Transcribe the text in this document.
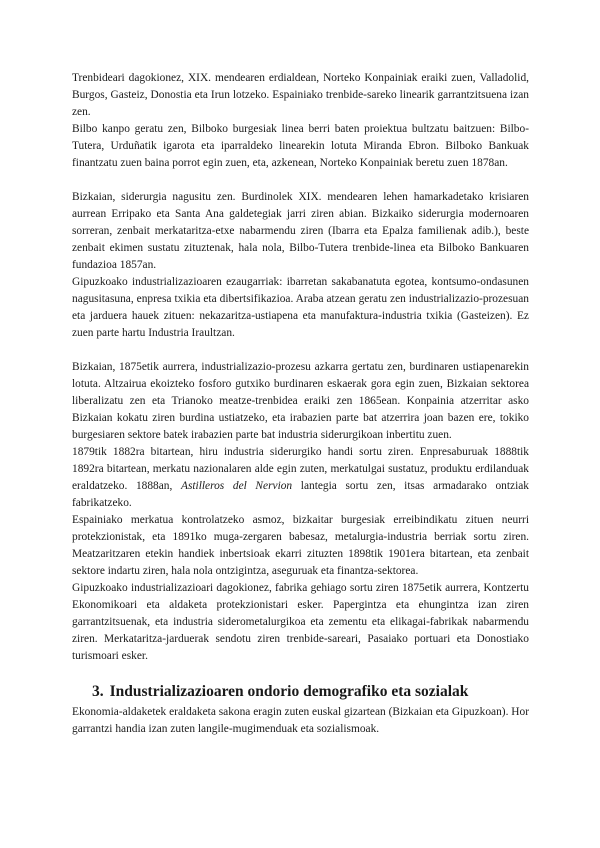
Trenbideari dagokionez, XIX. mendearen erdialdean, Norteko Konpainiak eraiki zuen, Valladolid, Burgos, Gasteiz, Donostia eta Irun lotzeko. Espainiako trenbide-sareko linearik garrantzitsuena izan zen.

Bilbo kanpo geratu zen, Bilboko burgesiak linea berri baten proiektua bultzatu baitzuen: Bilbo-Tutera, Urduñatik igarota eta iparraldeko linearekin lotuta Miranda Ebron. Bilboko Bankuak finantzatu zuen baina porrot egin zuen, eta, azkenean, Norteko Konpainiak beretu zuen 1878an.

Bizkaian, siderurgia nagusitu zen. Burdinolek XIX. mendearen lehen hamarkadetako krisiaren aurrean Erripako eta Santa Ana galdetegiak jarri ziren abian. Bizkaiko siderurgia modernoaren sorreran, zenbait merkataritza-etxe nabarmendu ziren (Ibarra eta Epalza familienak adib.), beste zenbait ekimen sustatu zituztenak, hala nola, Bilbo-Tutera trenbide-linea eta Bilboko Bankuaren fundazioa 1857an.

Gipuzkoako industrializazioaren ezaugarriak: ibarretan sakabanatuta egotea, kontsumo-ondasunen nagusitasuna, enpresa txikia eta dibertsifikazioa. Araba atzean geratu zen industrializazio-prozesuan eta jarduera hauek zituen: nekazaritza-ustiapena eta manufaktura-industria txikia (Gasteizen). Ez zuen parte hartu Industria Iraultzan.

Bizkaian, 1875etik aurrera, industrializazio-prozesu azkarra gertatu zen, burdinaren ustiapenarekin lotuta. Altzairua ekoizteko fosforo gutxiko burdinaren eskaerak gora egin zuen, Bizkaian sektorea liberalizatu zen eta Trianoko meatze-trenbidea eraiki zen 1865ean. Konpainia atzerritar asko Bizkaian kokatu ziren burdina ustiatzeko, eta irabazien parte bat atzerrira joan bazen ere, tokiko burgesiaren sektore batek irabazien parte bat industria siderurgikoan inbertitu zuen.

1879tik 1882ra bitartean, hiru industria siderurgiko handi sortu ziren. Enpresaburuak 1888tik 1892ra bitartean, merkatu nazionalaren alde egin zuten, merkatulgai sustatuz, produktu erdilanduak eraldatzeko. 1888an, Astilleros del Nervion lantegia sortu zen, itsas armadarako ontziak fabrikatzeko.

Espainiako merkatua kontrolatzeko asmoz, bizkaitar burgesiak erreibindikatu zituen neurri protekzionistak, eta 1891ko muga-zergaren babesaz, metalurgia-industria berriak sortu ziren. Meatzaritzaren etekin handiek inbertsioak ekarri zituzten 1898tik 1901era bitartean, eta zenbait sektore indartu ziren, hala nola ontzigintza, aseguruak eta finantza-sektorea.

Gipuzkoako industrializazioari dagokionez, fabrika gehiago sortu ziren 1875etik aurrera, Kontzertu Ekonomikoari eta aldaketa protekzionistari esker. Papergintza eta ehungintza izan ziren garrantzitsuenak, eta industria siderometalurgikoa eta zementu eta elikagai-fabrikak nabarmendu ziren. Merkataritza-jarduerak sendotu ziren trenbide-sareari, Pasaiako portuari eta Donostiako turismoari esker.

3. Industrializazioaren ondorio demografiko eta sozialak

Ekonomia-aldaketek eraldaketa sakona eragin zuten euskal gizartean (Bizkaian eta Gipuzkoan). Hor garrantzi handia izan zuten langile-mugimenduak eta sozialismoak.
